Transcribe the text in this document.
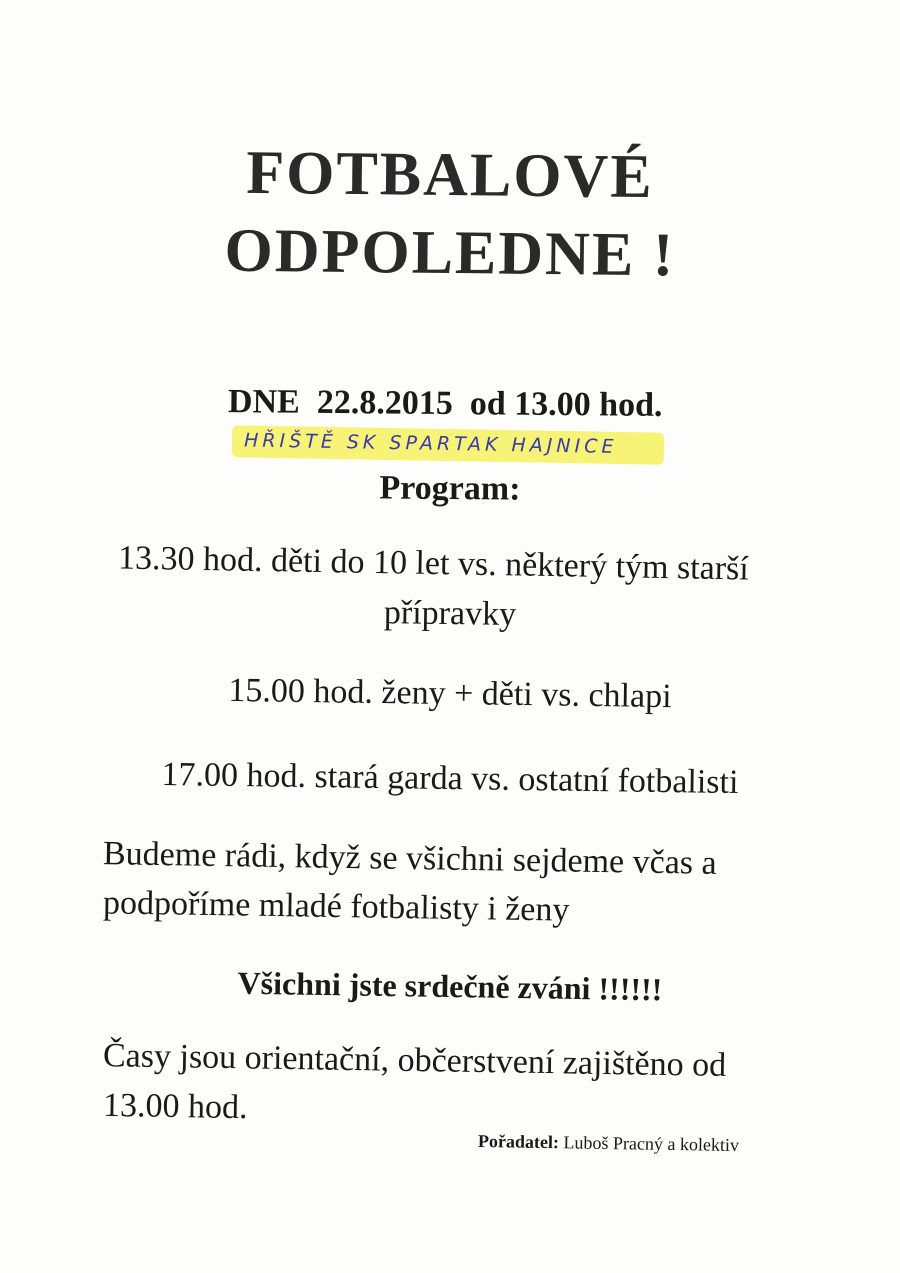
FOTBALOVÉ
ODPOLEDNE !
DNE  22.8.2015  od 13.00 hod.
HŘIŠTĚ SK SPARTAK HAJNICE
Program:
13.30 hod. děti do 10 let vs. některý tým starší
přípravky
15.00 hod. ženy + děti vs. chlapi
17.00 hod. stará garda vs. ostatní fotbalisti
Budeme rádi, když se všichni sejdeme včas a
podpoříme mladé fotbalisty i ženy
Všichni jste srdečně zváni !!!!!!
Časy jsou orientační, občerstvení zajištěno od
13.00 hod.
Pořadatel: Luboš Pracný a kolektiv
